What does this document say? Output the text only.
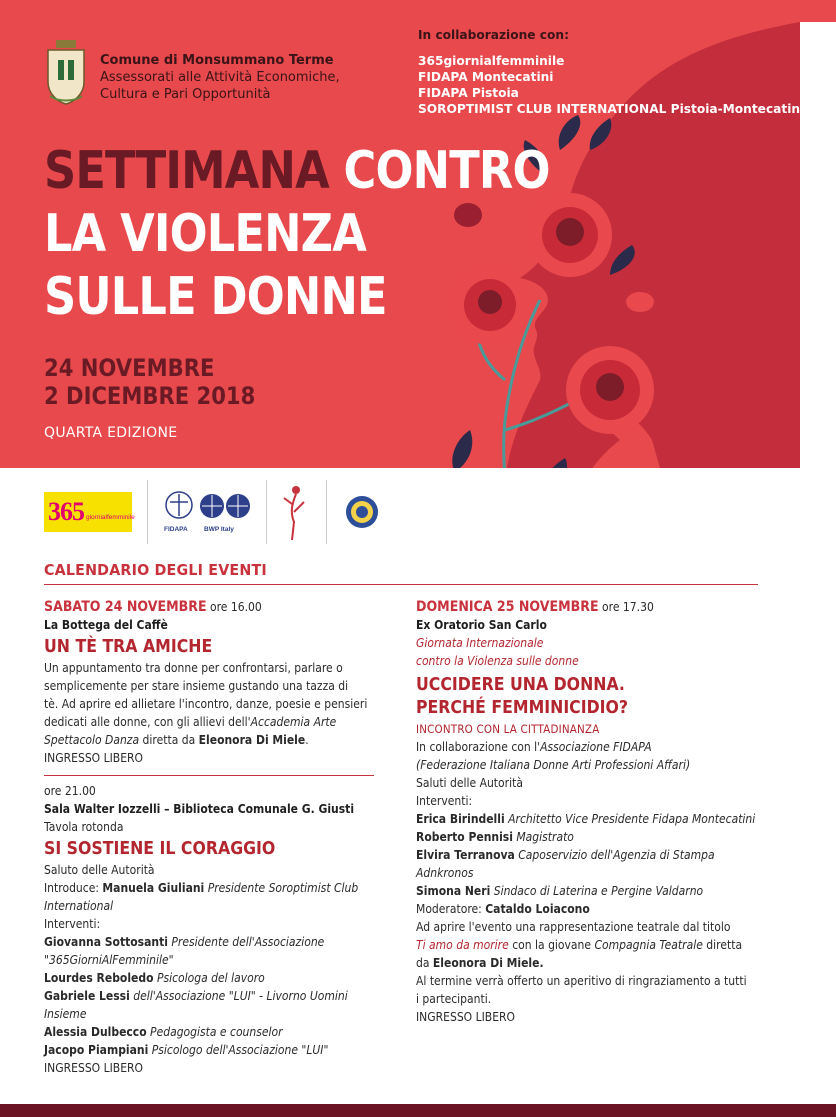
Comune di Monsummano Terme
Assessorati alle Attività Economiche,
Cultura e Pari Opportunità
In collaborazione con:
365giornialfemminile
FIDAPA Montecatini
FIDAPA Pistoia
SOROPTIMIST CLUB INTERNATIONAL Pistoia-Montecatini
SETTIMANA CONTRO
LA VIOLENZA
SULLE DONNE
24 NOVEMBRE
2 DICEMBRE 2018
QUARTA EDIZIONE
365 giornialfemminile
FIDAPA	BWP Italy
CALENDARIO DEGLI EVENTI
SABATO 24 NOVEMBRE ore 16.00
La Bottega del Caffè
UN TÈ TRA AMICHE
Un appuntamento tra donne per confrontarsi, parlare o
semplicemente per stare insieme gustando una tazza di
tè. Ad aprire ed allietare l'incontro, danze, poesie e pensieri
dedicati alle donne, con gli allievi dell'Accademia Arte
Spettacolo Danza diretta da Eleonora Di Miele.
INGRESSO LIBERO
ore 21.00
Sala Walter Iozzelli – Biblioteca Comunale G. Giusti
Tavola rotonda
SI SOSTIENE IL CORAGGIO
Saluto delle Autorità
Introduce: Manuela Giuliani Presidente Soroptimist Club
International
Interventi:
Giovanna Sottosanti Presidente dell'Associazione
"365GiorniAlFemminile"
Lourdes Reboledo Psicologa del lavoro
Gabriele Lessi dell'Associazione "LUI" - Livorno Uomini
Insieme
Alessia Dulbecco Pedagogista e counselor
Jacopo Piampiani Psicologo dell'Associazione "LUI"
INGRESSO LIBERO
DOMENICA 25 NOVEMBRE ore 17.30
Ex Oratorio San Carlo
Giornata Internazionale
contro la Violenza sulle donne
UCCIDERE UNA DONNA.
PERCHÉ FEMMINICIDIO?
INCONTRO CON LA CITTADINANZA
In collaborazione con l'Associazione FIDAPA
(Federazione Italiana Donne Arti Professioni Affari)
Saluti delle Autorità
Interventi:
Erica Birindelli Architetto Vice Presidente Fidapa Montecatini
Roberto Pennisi Magistrato
Elvira Terranova Caposervizio dell'Agenzia di Stampa
Adnkronos
Simona Neri Sindaco di Laterina e Pergine Valdarno
Moderatore: Cataldo Loiacono
Ad aprire l'evento una rappresentazione teatrale dal titolo
Ti amo da morire con la giovane Compagnia Teatrale diretta
da Eleonora Di Miele.
Al termine verrà offerto un aperitivo di ringraziamento a tutti
i partecipanti.
INGRESSO LIBERO
